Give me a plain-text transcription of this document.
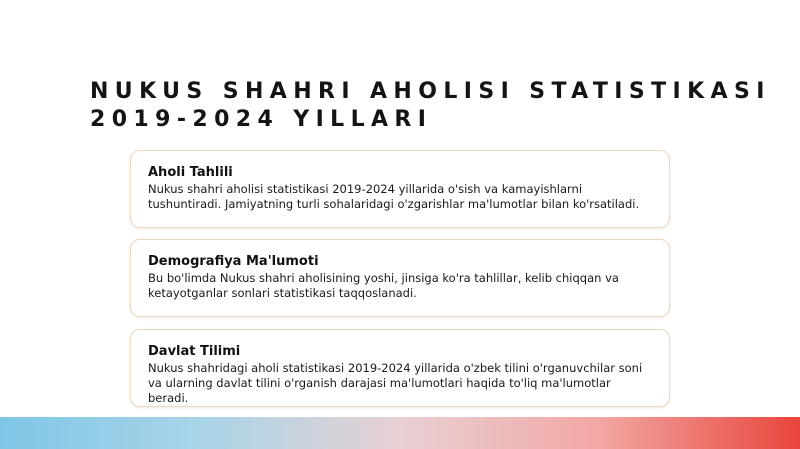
NUKUS SHAHRI AHOLISI STATISTIKASI
2019-2024 YILLARI
Aholi Tahlili

Nukus shahri aholisi statistikasi 2019-2024 yillarida o'sish va kamayishlarni tushuntiradi. Jamiyatning turli sohalaridagi o'zgarishlar ma'lumotlar bilan ko'rsatiladi.

Demografiya Ma'lumoti

Bu bo'limda Nukus shahri aholisining yoshi, jinsiga ko'ra tahlillar, kelib chiqqan va ketayotganlar sonlari statistikasi taqqoslanadi.

Davlat Tilimi

Nukus shahridagi aholi statistikasi 2019-2024 yillarida o'zbek tilini o'rganuvchilar soni va ularning davlat tilini o'rganish darajasi ma'lumotlari haqida to'liq ma'lumotlar beradi.
